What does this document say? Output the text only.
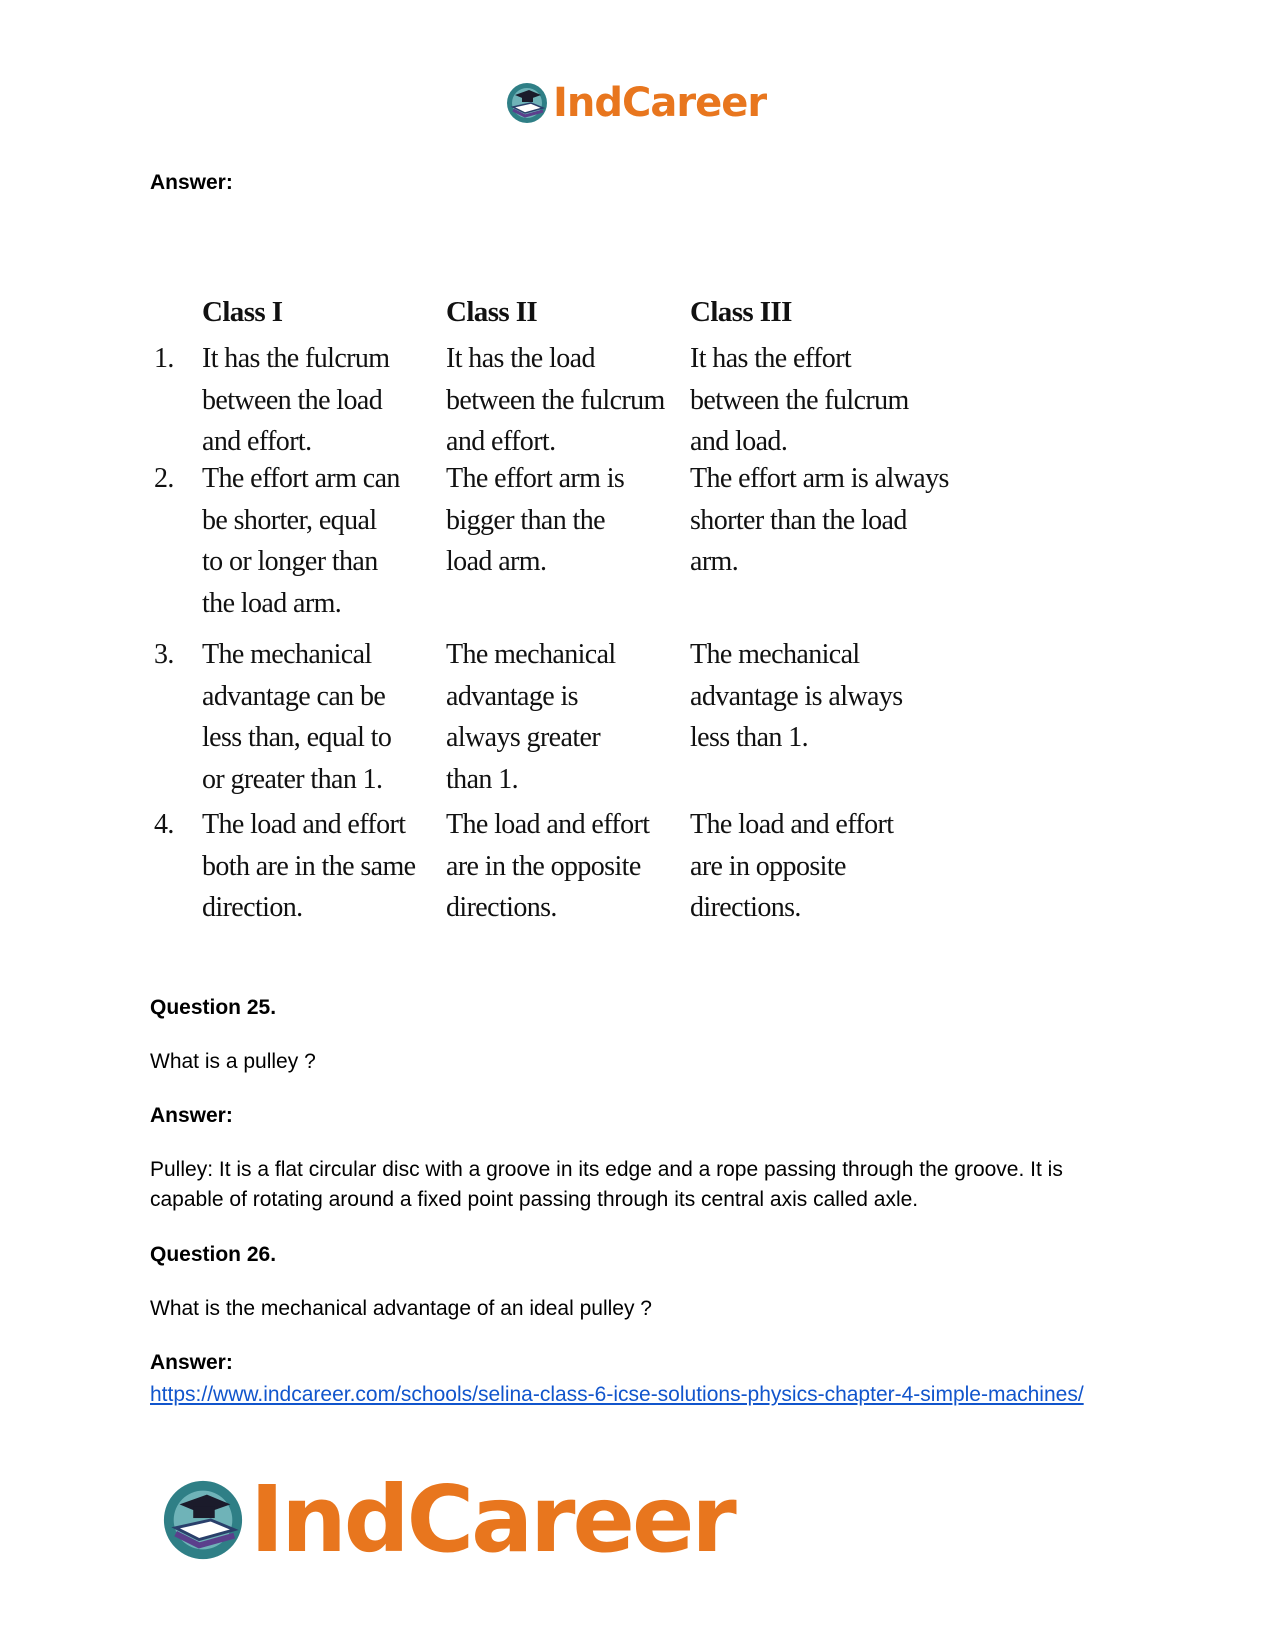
IndCareer

Answer:

Class I	Class II	Class III
1. It has the fulcrum
between the load
and effort.
It has the load
between the fulcrum
and effort.
It has the effort
between the fulcrum
and load.
2. The effort arm can
be shorter, equal
to or longer than
the load arm.
The effort arm is
bigger than the
load arm.
The effort arm is always
shorter than the load
arm.
3. The mechanical
advantage can be
less than, equal to
or greater than 1.
The mechanical
advantage is
always greater
than 1.
The mechanical
advantage is always
less than 1.
4. The load and effort
both are in the same
direction.
The load and effort
are in the opposite
directions.
The load and effort
are in opposite
directions.

Question 25.

What is a pulley ?

Answer:

Pulley: It is a flat circular disc with a groove in its edge and a rope passing through the groove. It is capable of rotating around a fixed point passing through its central axis called axle.

Question 26.

What is the mechanical advantage of an ideal pulley ?

Answer:

https://www.indcareer.com/schools/selina-class-6-icse-solutions-physics-chapter-4-simple-machines/
IndCareer
